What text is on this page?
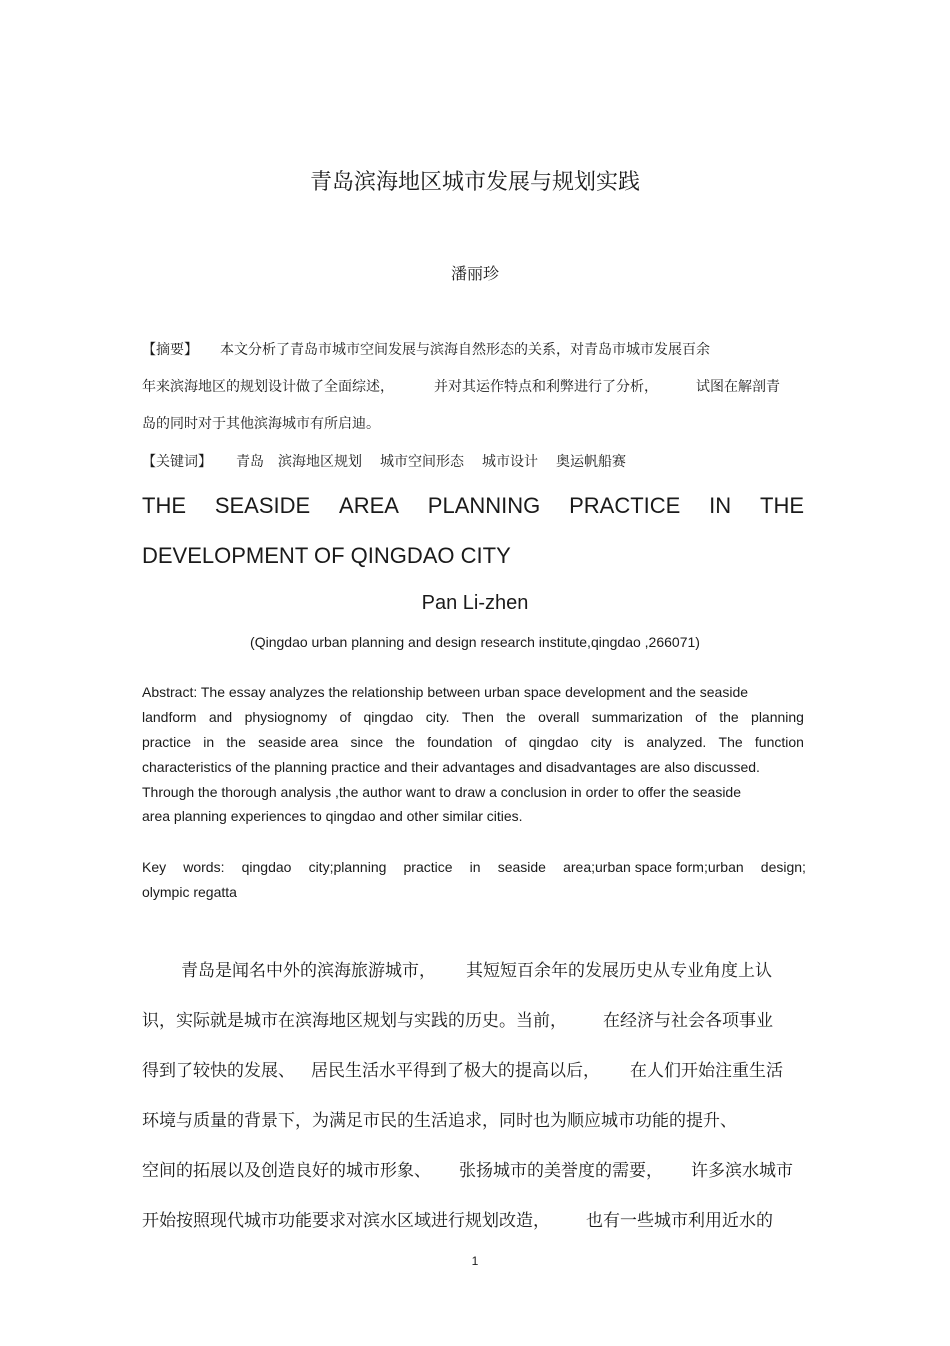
青岛滨海地区城市发展与规划实践
潘丽珍
【摘要】 本文分析了青岛市城市空间发展与滨海自然形态的关系，对青岛市城市发展百余
年来滨海地区的规划设计做了全面综述，	并对其运作特点和利弊进行了分析，	试图在解剖青
岛的同时对于其他滨海城市有所启迪。
【关键词】 青岛 滨海地区规划 城市空间形态 城市设计 奥运帆船赛
THE SEASIDE AREA PLANNING PRACTICE IN THE
DEVELOPMENT OF QINGDAO CITY
Pan Li-zhen
(Qingdao urban planning and design research institute,qingdao ,266071)
Abstract: The essay analyzes the relationship between urban space development and the seaside
landform and physiognomy of qingdao city. Then the overall summarization of the planning
practice in the seaside area since the foundation of qingdao city is analyzed. The function
characteristics of the planning practice and their advantages and disadvantages are also discussed.
Through the thorough analysis ,the author want to draw a conclusion in order to offer the seaside
area planning experiences to qingdao and other similar cities.
Key words: qingdao city;planning practice in seaside area;urban space form;urban design;
olympic regatta
青岛是闻名中外的滨海旅游城市， 其短短百余年的发展历史从专业角度上认
识，实际就是城市在滨海地区规划与实践的历史。当前， 在经济与社会各项事业
得到了较快的发展、 居民生活水平得到了极大的提高以后， 在人们开始注重生活
环境与质量的背景下，为满足市民的生活追求，同时也为顺应城市功能的提升、
空间的拓展以及创造良好的城市形象、 张扬城市的美誉度的需要， 许多滨水城市
开始按照现代城市功能要求对滨水区域进行规划改造， 也有一些城市利用近水的
1
